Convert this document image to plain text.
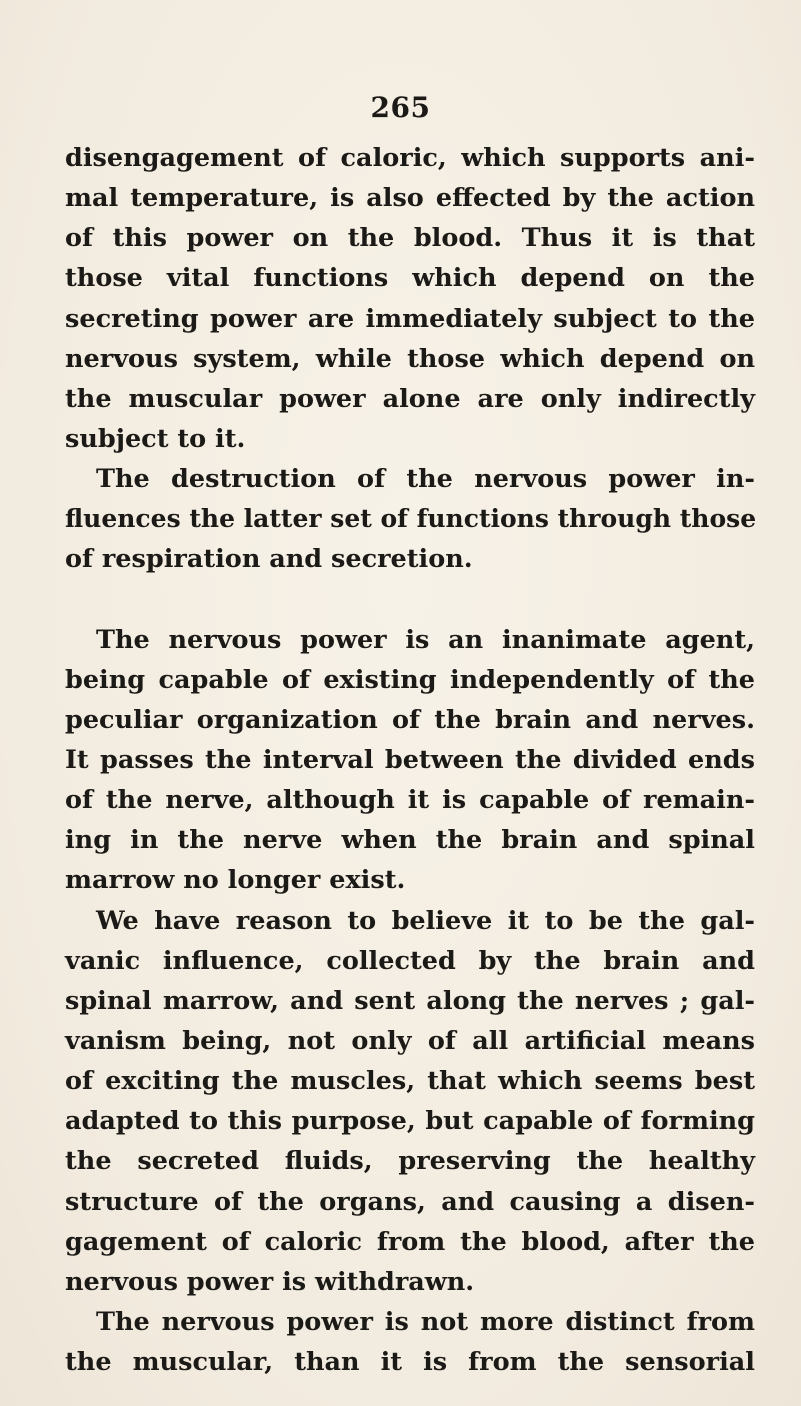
265
disengagement of caloric, which supports ani-
mal temperature, is also effected by the action
of this power on the blood. Thus it is that
those vital functions which depend on the
secreting power are immediately subject to the
nervous system, while those which depend on
the muscular power alone are only indirectly
subject to it.
The destruction of the nervous power in-
fluences the latter set of functions through those
of respiration and secretion.
The nervous power is an inanimate agent,
being capable of existing independently of the
peculiar organization of the brain and nerves.
It passes the interval between the divided ends
of the nerve, although it is capable of remain-
ing in the nerve when the brain and spinal
marrow no longer exist.
We have reason to believe it to be the gal-
vanic influence, collected by the brain and
spinal marrow, and sent along the nerves ; gal-
vanism being, not only of all artificial means
of exciting the muscles, that which seems best
adapted to this purpose, but capable of forming
the secreted fluids, preserving the healthy
structure of the organs, and causing a disen-
gagement of caloric from the blood, after the
nervous power is withdrawn.
The nervous power is not more distinct from
the muscular, than it is from the sensorial
